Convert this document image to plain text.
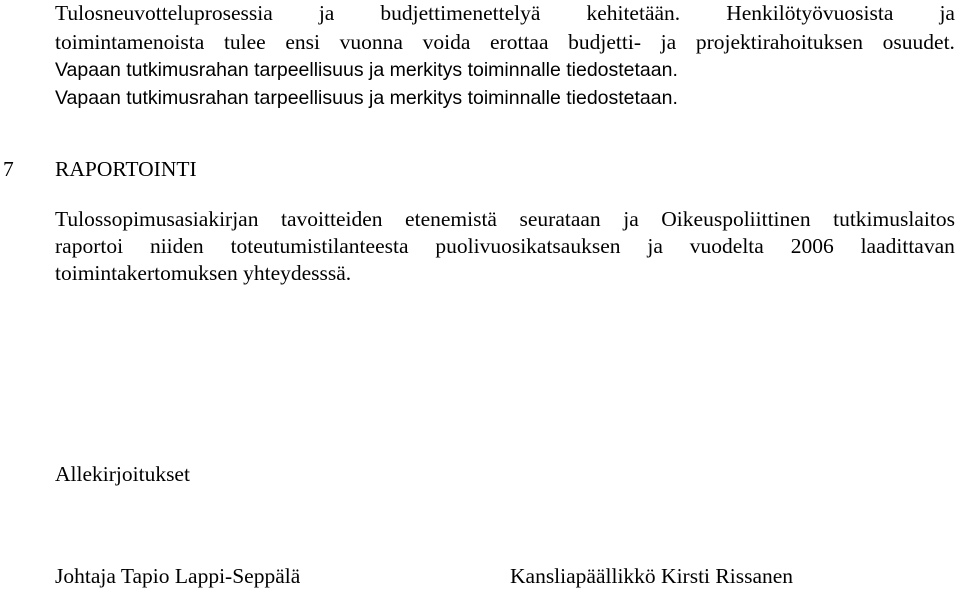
Tulosneuvotteluprosessia ja budjettimenettelyä kehitetään. Henkilötyövuosista ja
toimintamenoista tulee ensi vuonna voida erottaa budjetti- ja projektirahoituksen osuudet.
Vapaan tutkimusrahan tarpeellisuus ja merkitys toiminnalle tiedostetaan.
Vapaan tutkimusrahan tarpeellisuus ja merkitys toiminnalle tiedostetaan.
7 RAPORTOINTI
Tulossopimusasiakirjan tavoitteiden etenemistä seurataan ja Oikeuspoliittinen tutkimuslaitos
raportoi niiden toteutumistilanteesta puolivuosikatsauksen ja vuodelta 2006 laadittavan
toimintakertomuksen yhteydesssä.
Allekirjoitukset
Johtaja Tapio Lappi-Seppälä	Kansliapäällikkö Kirsti Rissanen
